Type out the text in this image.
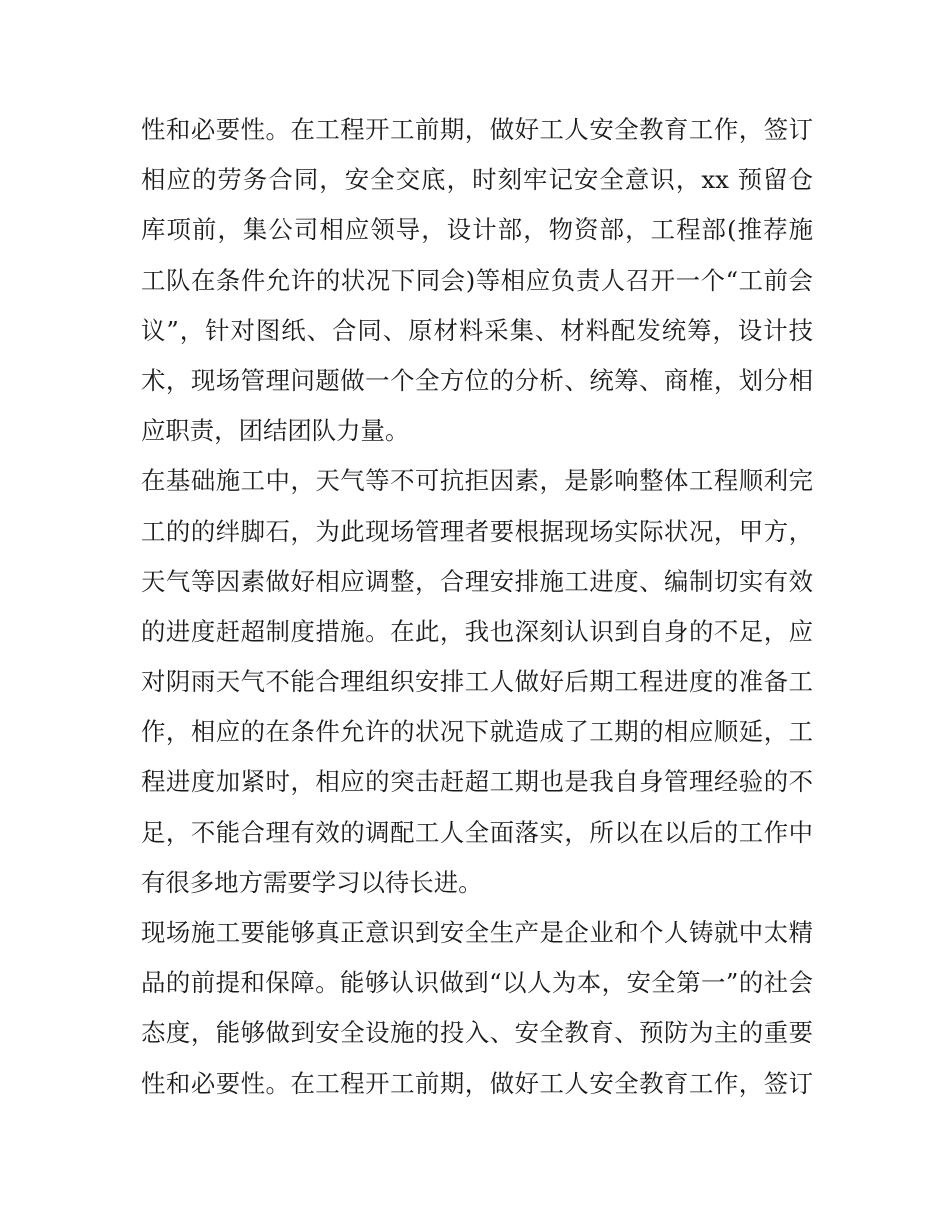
性和必要性。在工程开工前期，做好工人安全教育工作，签订
相应的劳务合同，安全交底，时刻牢记安全意识，xx 预留仓
库项前，集公司相应领导，设计部，物资部，工程部(推荐施
工队在条件允许的状况下同会)等相应负责人召开一个“工前会
议”，针对图纸、合同、原材料采集、材料配发统筹，设计技
术，现场管理问题做一个全方位的分析、统筹、商榷，划分相
应职责，团结团队力量。
在基础施工中，天气等不可抗拒因素，是影响整体工程顺利完
工的的绊脚石，为此现场管理者要根据现场实际状况，甲方，
天气等因素做好相应调整，合理安排施工进度、编制切实有效
的进度赶超制度措施。在此，我也深刻认识到自身的不足，应
对阴雨天气不能合理组织安排工人做好后期工程进度的准备工
作，相应的在条件允许的状况下就造成了工期的相应顺延，工
程进度加紧时，相应的突击赶超工期也是我自身管理经验的不
足，不能合理有效的调配工人全面落实，所以在以后的工作中
有很多地方需要学习以待长进。
现场施工要能够真正意识到安全生产是企业和个人铸就中太精
品的前提和保障。能够认识做到“以人为本，安全第一”的社会
态度，能够做到安全设施的投入、安全教育、预防为主的重要
性和必要性。在工程开工前期，做好工人安全教育工作，签订
